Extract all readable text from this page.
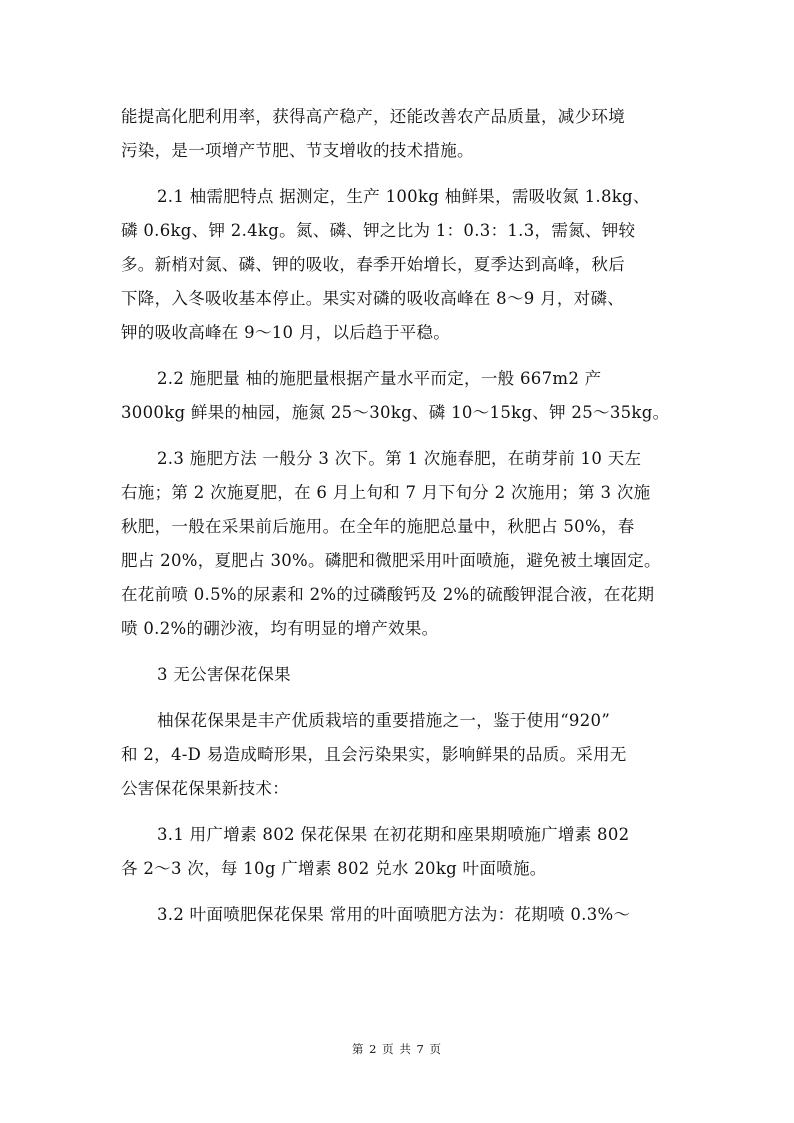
能提高化肥利用率，获得高产稳产，还能改善农产品质量，减少环境
污染，是一项增产节肥、节支增收的技术措施。
2.1 柚需肥特点 据测定，生产 100kg 柚鲜果，需吸收氮 1.8kg、
磷 0.6kg、钾 2.4kg。氮、磷、钾之比为 1：0.3：1.3，需氮、钾较
多。新梢对氮、磷、钾的吸收，春季开始增长，夏季达到高峰，秋后
下降，入冬吸收基本停止。果实对磷的吸收高峰在 8～9 月，对磷、
钾的吸收高峰在 9～10 月，以后趋于平稳。
2.2 施肥量 柚的施肥量根据产量水平而定，一般 667m2 产
3000kg 鲜果的柚园，施氮 25～30kg、磷 10～15kg、钾 25～35kg。
2.3 施肥方法 一般分 3 次下。第 1 次施春肥，在萌芽前 10 天左
右施；第 2 次施夏肥，在 6 月上旬和 7 月下旬分 2 次施用；第 3 次施
秋肥，一般在采果前后施用。在全年的施肥总量中，秋肥占 50%，春
肥占 20%，夏肥占 30%。磷肥和微肥采用叶面喷施，避免被土壤固定。
在花前喷 0.5%的尿素和 2%的过磷酸钙及 2%的硫酸钾混合液，在花期
喷 0.2%的硼沙液，均有明显的增产效果。
3 无公害保花保果
柚保花保果是丰产优质栽培的重要措施之一，鉴于使用“920”
和 2，4-D 易造成畸形果，且会污染果实，影响鲜果的品质。采用无
公害保花保果新技术：
3.1 用广增素 802 保花保果 在初花期和座果期喷施广增素 802
各 2～3 次，每 10g 广增素 802 兑水 20kg 叶面喷施。
3.2 叶面喷肥保花保果 常用的叶面喷肥方法为：花期喷 0.3%～
第 2 页 共 7 页
